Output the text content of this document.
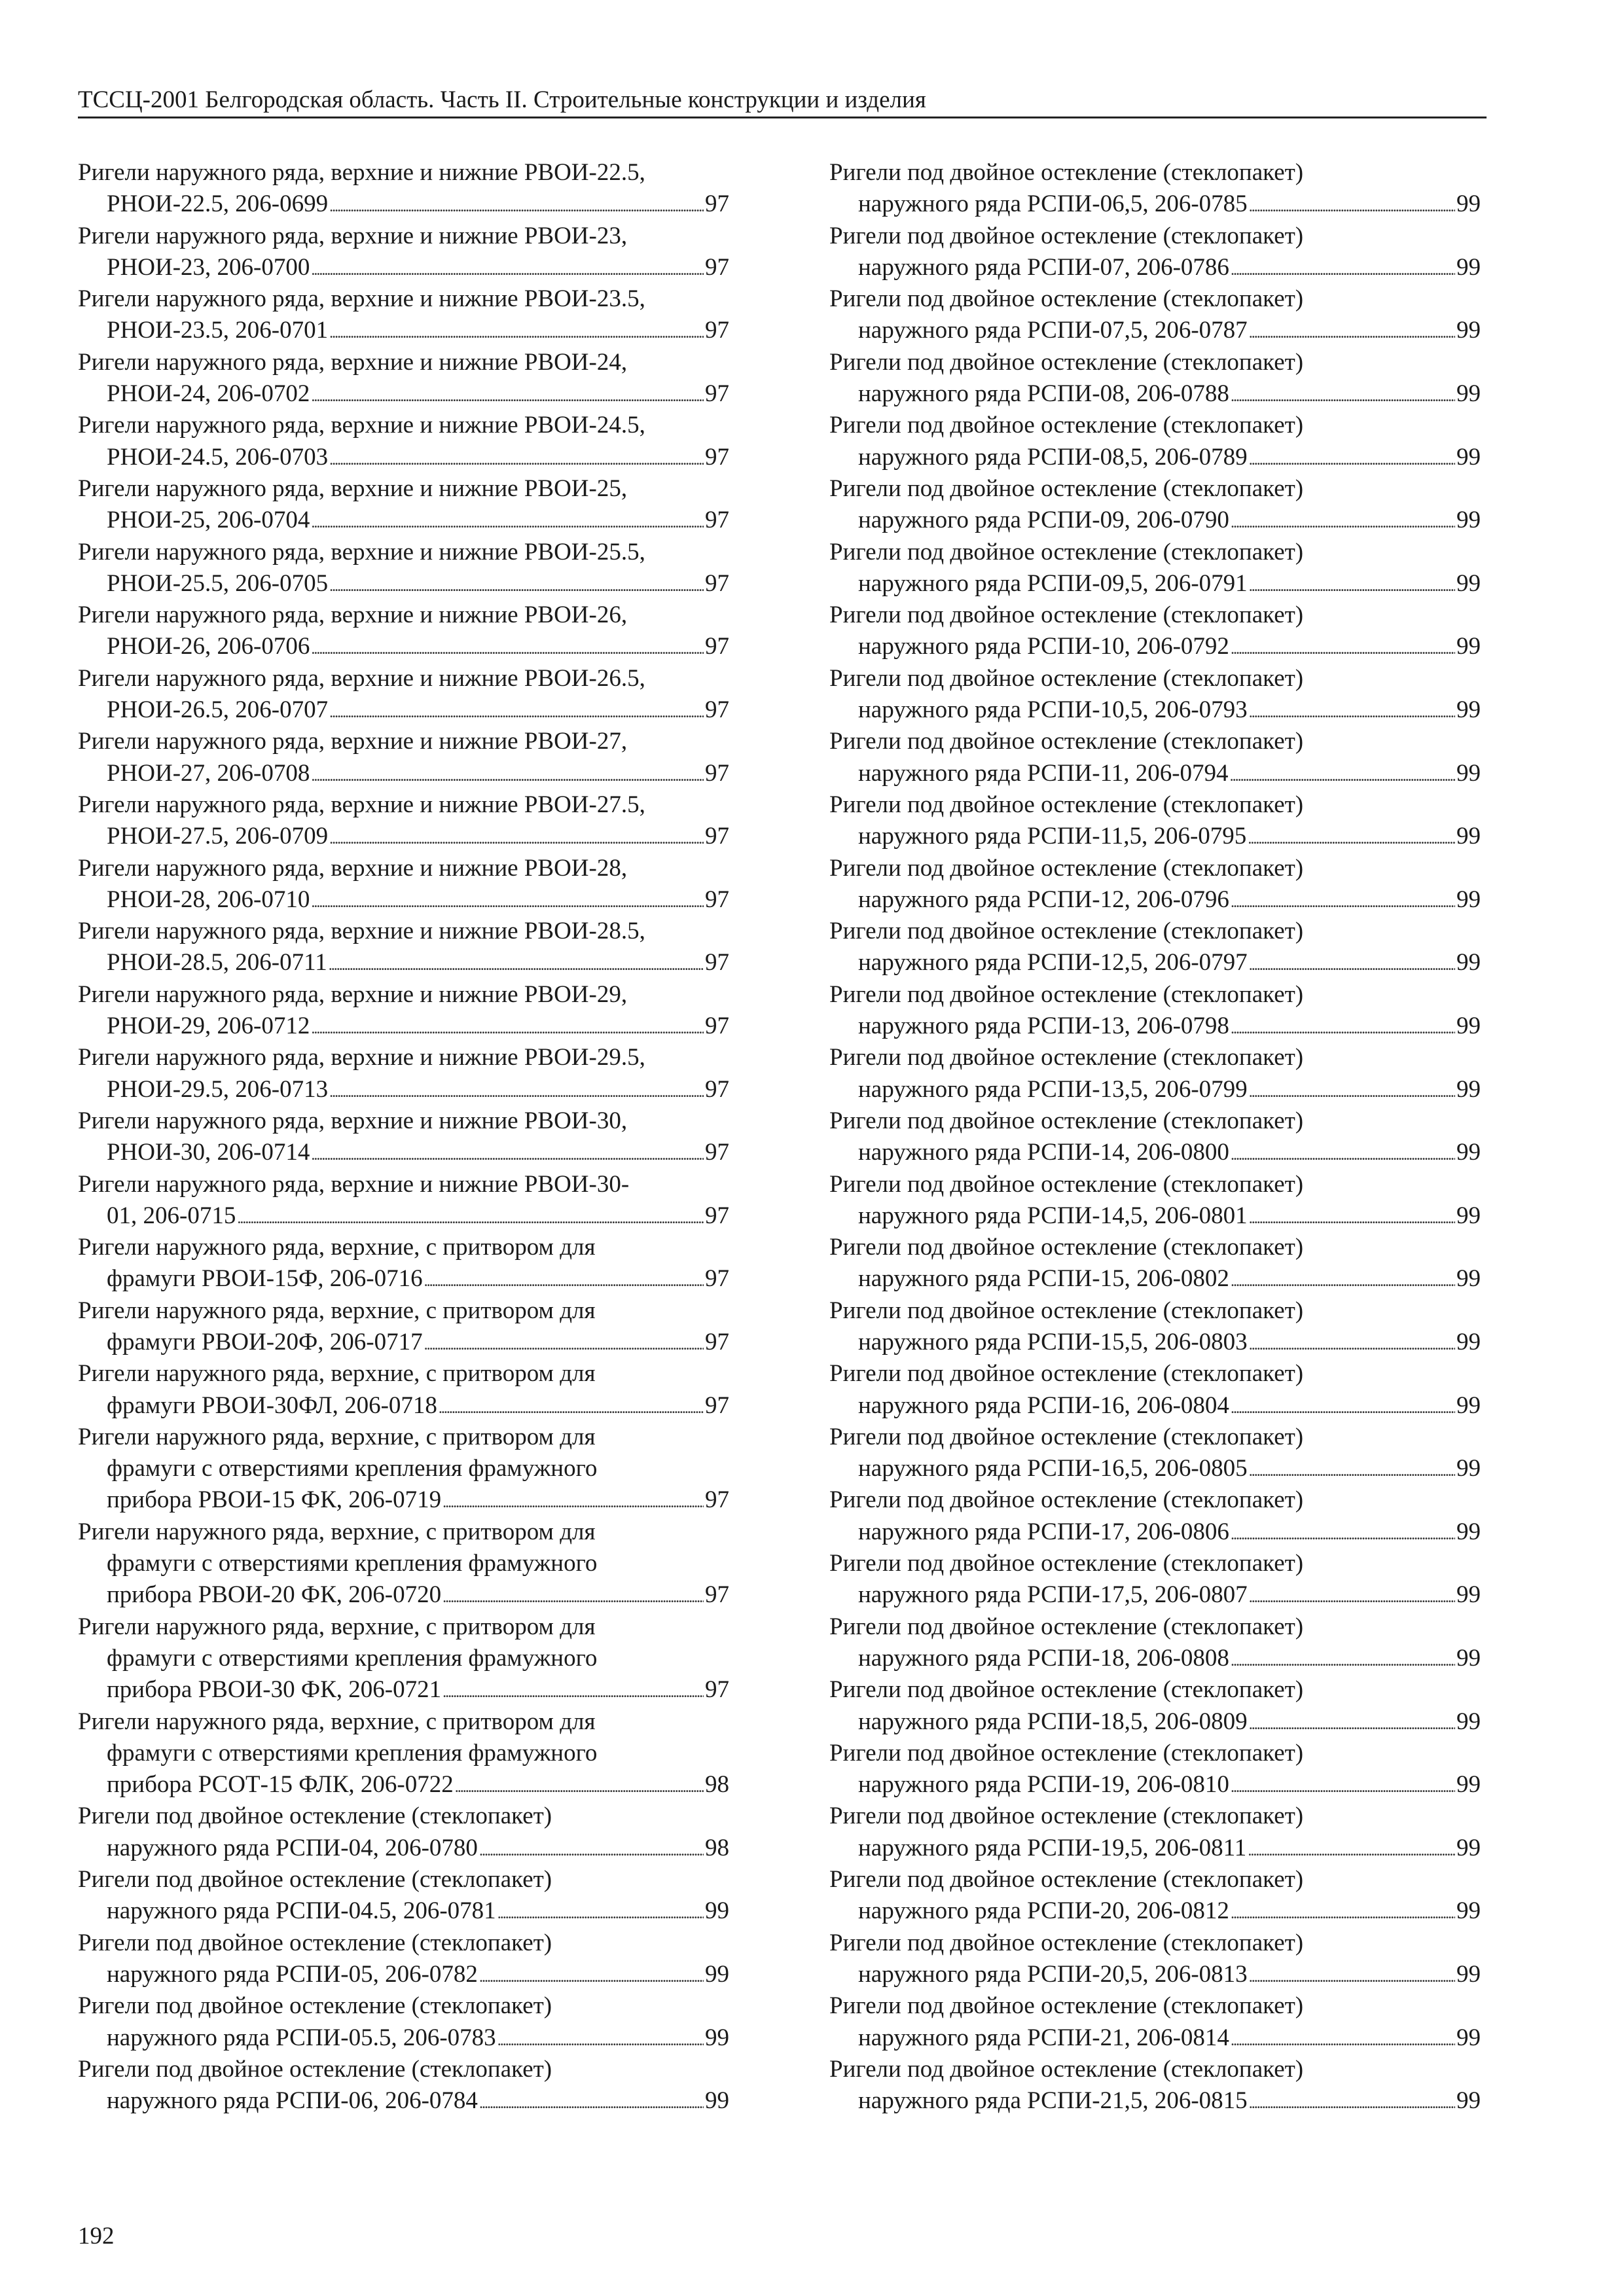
ТССЦ-2001 Белгородская область. Часть II. Строительные конструкции и изделия
Ригели наружного ряда, верхние и нижние РВОИ-22.5,
РНОИ-22.5, 206-0699 . . .	97
Ригели наружного ряда, верхние и нижние РВОИ-23,
РНОИ-23, 206-0700 . . .	97
Ригели наружного ряда, верхние и нижние РВОИ-23.5,
РНОИ-23.5, 206-0701 . . .	97
Ригели наружного ряда, верхние и нижние РВОИ-24,
РНОИ-24, 206-0702 . . .	97
Ригели наружного ряда, верхние и нижние РВОИ-24.5,
РНОИ-24.5, 206-0703 . . .	97
Ригели наружного ряда, верхние и нижние РВОИ-25,
РНОИ-25, 206-0704 . . .	97
Ригели наружного ряда, верхние и нижние РВОИ-25.5,
РНОИ-25.5, 206-0705 . . .	97
Ригели наружного ряда, верхние и нижние РВОИ-26,
РНОИ-26, 206-0706 . . .	97
Ригели наружного ряда, верхние и нижние РВОИ-26.5,
РНОИ-26.5, 206-0707 . . .	97
Ригели наружного ряда, верхние и нижние РВОИ-27,
РНОИ-27, 206-0708 . . .	97
Ригели наружного ряда, верхние и нижние РВОИ-27.5,
РНОИ-27.5, 206-0709 . . .	97
Ригели наружного ряда, верхние и нижние РВОИ-28,
РНОИ-28, 206-0710 . . .	97
Ригели наружного ряда, верхние и нижние РВОИ-28.5,
РНОИ-28.5, 206-0711 . . .	97
Ригели наружного ряда, верхние и нижние РВОИ-29,
РНОИ-29, 206-0712 . . .	97
Ригели наружного ряда, верхние и нижние РВОИ-29.5,
РНОИ-29.5, 206-0713 . . .	97
Ригели наружного ряда, верхние и нижние РВОИ-30,
РНОИ-30, 206-0714 . . .	97
Ригели наружного ряда, верхние и нижние РВОИ-30-
01, 206-0715 . . .	97
Ригели наружного ряда, верхние, с притвором для
фрамуги РВОИ-15Ф, 206-0716 . . .	97
Ригели наружного ряда, верхние, с притвором для
фрамуги РВОИ-20Ф, 206-0717 . . .	97
Ригели наружного ряда, верхние, с притвором для
фрамуги РВОИ-30ФЛ, 206-0718 . . .	97
Ригели наружного ряда, верхние, с притвором для
фрамуги с отверстиями крепления фрамужного
прибора РВОИ-15 ФК, 206-0719 . . .	97
Ригели наружного ряда, верхние, с притвором для
фрамуги с отверстиями крепления фрамужного
прибора РВОИ-20 ФК, 206-0720 . . .	97
Ригели наружного ряда, верхние, с притвором для
фрамуги с отверстиями крепления фрамужного
прибора РВОИ-30 ФК, 206-0721 . . .	97
Ригели наружного ряда, верхние, с притвором для
фрамуги с отверстиями крепления фрамужного
прибора РСОТ-15 ФЛК, 206-0722 . . .	98
Ригели под двойное остекление (стеклопакет)
наружного ряда РСПИ-04, 206-0780 . . .	98
Ригели под двойное остекление (стеклопакет)
наружного ряда РСПИ-04.5, 206-0781 . . .	99
Ригели под двойное остекление (стеклопакет)
наружного ряда РСПИ-05, 206-0782 . . .	99
Ригели под двойное остекление (стеклопакет)
наружного ряда РСПИ-05.5, 206-0783 . . .	99
Ригели под двойное остекление (стеклопакет)
наружного ряда РСПИ-06, 206-0784 . . .	99
Ригели под двойное остекление (стеклопакет)
наружного ряда РСПИ-06,5, 206-0785 . . .	99
Ригели под двойное остекление (стеклопакет)
наружного ряда РСПИ-07, 206-0786 . . .	99
Ригели под двойное остекление (стеклопакет)
наружного ряда РСПИ-07,5, 206-0787 . . .	99
Ригели под двойное остекление (стеклопакет)
наружного ряда РСПИ-08, 206-0788 . . .	99
Ригели под двойное остекление (стеклопакет)
наружного ряда РСПИ-08,5, 206-0789 . . .	99
Ригели под двойное остекление (стеклопакет)
наружного ряда РСПИ-09, 206-0790 . . .	99
Ригели под двойное остекление (стеклопакет)
наружного ряда РСПИ-09,5, 206-0791 . . .	99
Ригели под двойное остекление (стеклопакет)
наружного ряда РСПИ-10, 206-0792 . . .	99
Ригели под двойное остекление (стеклопакет)
наружного ряда РСПИ-10,5, 206-0793 . . .	99
Ригели под двойное остекление (стеклопакет)
наружного ряда РСПИ-11, 206-0794 . . .	99
Ригели под двойное остекление (стеклопакет)
наружного ряда РСПИ-11,5, 206-0795 . . .	99
Ригели под двойное остекление (стеклопакет)
наружного ряда РСПИ-12, 206-0796 . . .	99
Ригели под двойное остекление (стеклопакет)
наружного ряда РСПИ-12,5, 206-0797 . . .	99
Ригели под двойное остекление (стеклопакет)
наружного ряда РСПИ-13, 206-0798 . . .	99
Ригели под двойное остекление (стеклопакет)
наружного ряда РСПИ-13,5, 206-0799 . . .	99
Ригели под двойное остекление (стеклопакет)
наружного ряда РСПИ-14, 206-0800 . . .	99
Ригели под двойное остекление (стеклопакет)
наружного ряда РСПИ-14,5, 206-0801 . . .	99
Ригели под двойное остекление (стеклопакет)
наружного ряда РСПИ-15, 206-0802 . . .	99
Ригели под двойное остекление (стеклопакет)
наружного ряда РСПИ-15,5, 206-0803 . . .	99
Ригели под двойное остекление (стеклопакет)
наружного ряда РСПИ-16, 206-0804 . . .	99
Ригели под двойное остекление (стеклопакет)
наружного ряда РСПИ-16,5, 206-0805 . . .	99
Ригели под двойное остекление (стеклопакет)
наружного ряда РСПИ-17, 206-0806 . . .	99
Ригели под двойное остекление (стеклопакет)
наружного ряда РСПИ-17,5, 206-0807 . . .	99
Ригели под двойное остекление (стеклопакет)
наружного ряда РСПИ-18, 206-0808 . . .	99
Ригели под двойное остекление (стеклопакет)
наружного ряда РСПИ-18,5, 206-0809 . . .	99
Ригели под двойное остекление (стеклопакет)
наружного ряда РСПИ-19, 206-0810 . . .	99
Ригели под двойное остекление (стеклопакет)
наружного ряда РСПИ-19,5, 206-0811 . . .	99
Ригели под двойное остекление (стеклопакет)
наружного ряда РСПИ-20, 206-0812 . . .	99
Ригели под двойное остекление (стеклопакет)
наружного ряда РСПИ-20,5, 206-0813 . . .	99
Ригели под двойное остекление (стеклопакет)
наружного ряда РСПИ-21, 206-0814 . . .	99
Ригели под двойное остекление (стеклопакет)
наружного ряда РСПИ-21,5, 206-0815 . . .	99
192
